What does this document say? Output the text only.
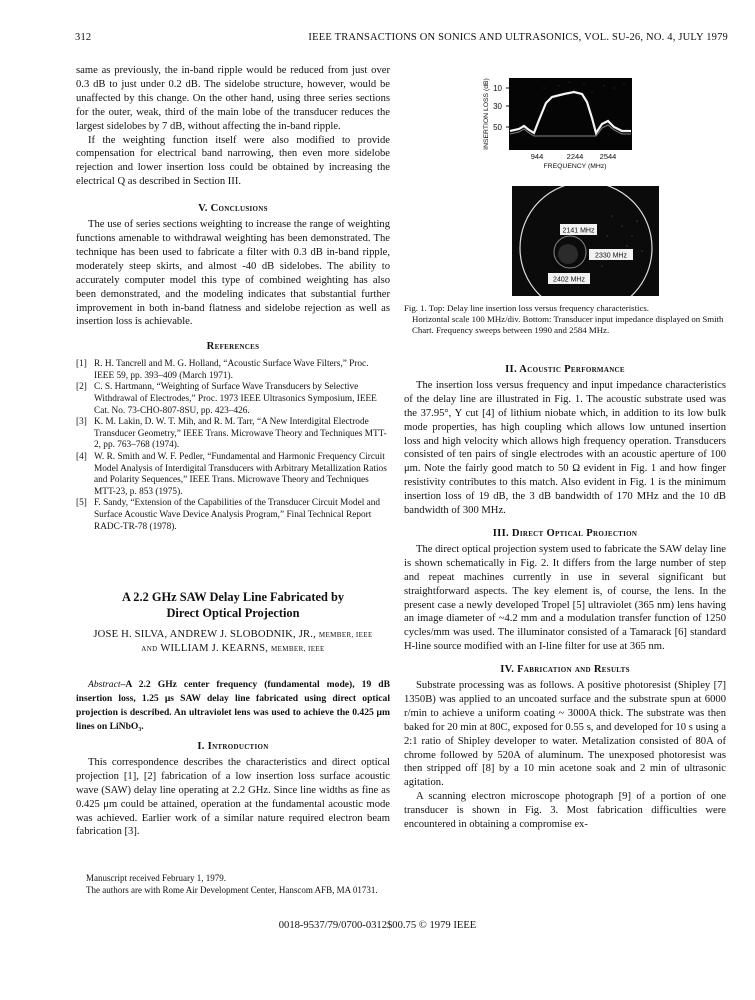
312	IEEE TRANSACTIONS ON SONICS AND ULTRASONICS, VOL. SU-26, NO. 4, JULY 1979

same as previously, the in-band ripple would be reduced from just over 0.3 dB to just under 0.2 dB. The sidelobe structure, however, would be unaffected by this change. On the other hand, using three series sections for the outer, weak, third of the main lobe of the transducer reduces the largest sidelobes by 7 dB, without affecting the in-band ripple.

If the weighting function itself were also modified to provide compensation for electrical band narrowing, then even more sidelobe rejection and lower insertion loss could be obtained by increasing the electrical Q as described in Section III.

V. Conclusions

The use of series sections weighting to increase the range of weighting functions amenable to withdrawal weighting has been demonstrated. The technique has been used to fabricate a filter with 0.3 dB in-band ripple, moderately steep skirts, and almost -40 dB sidelobes. The ability to accurately computer model this type of combined weighting has also been demonstrated, and the modeling indicates that substantial further improvement in both in-band flatness and sidelobe rejection as well as insertion loss is achievable.

References
[1] R. H. Tancrell and M. G. Holland, “Acoustic Surface Wave Filters,” Proc. IEEE 59, pp. 393–409 (March 1971).
[2] C. S. Hartmann, “Weighting of Surface Wave Transducers by Selective Withdrawal of Electrodes,” Proc. 1973 IEEE Ultrasonics Symposium, IEEE Cat. No. 73-CHO-807-8SU, pp. 423–426.
[3] K. M. Lakin, D. W. T. Mih, and R. M. Tarr, “A New Interdigital Electrode Transducer Geometry,” IEEE Trans. Microwave Theory and Techniques MTT-2, pp. 763–768 (1974).
[4] W. R. Smith and W. F. Pedler, “Fundamental and Harmonic Frequency Circuit Model Analysis of Interdigital Transducers with Arbitrary Metallization Ratios and Polarity Sequences,” IEEE Trans. Microwave Theory and Techniques MTT-23, p. 853 (1975).
[5] F. Sandy, “Extension of the Capabilities of the Transducer Circuit Model and Surface Acoustic Wave Device Analysis Program,” Final Technical Report RADC-TR-78 (1978).
A 2.2 GHz SAW Delay Line Fabricated by
Direct Optical Projection
JOSE H. SILVA, ANDREW J. SLOBODNIK, JR., MEMBER, IEEE
AND WILLIAM J. KEARNS, MEMBER, IEEE
Abstract–A 2.2 GHz center frequency (fundamental mode), 19 dB insertion loss, 1.25 μs SAW delay line fabricated using direct optical projection is described. An ultraviolet lens was used to achieve the 0.425 μm lines on LiNbO₃.
I. Introduction

This correspondence describes the characteristics and direct optical projection [1], [2] fabrication of a low insertion loss surface acoustic wave (SAW) delay line operating at 2.2 GHz. Since line widths as fine as 0.425 μm could be attained, operation at the fundamental acoustic mode was achieved. Earlier work of a similar nature required electron beam fabrication [3].

Manuscript received February 1, 1979.

The authors are with Rome Air Development Center, Hanscom AFB, MA 01731.

10
30
50
944	2244 2544
FREQUENCY (MHz)
INSERTION LOSS (dB)
2141 MHz
2330 MHz
2402 MHz
Fig. 1. Top: Delay line insertion loss versus frequency characteristics.
Horizontal scale 100 MHz/div. Bottom: Transducer input impedance displayed on Smith Chart. Frequency sweeps between 1990 and 2584 MHz.
II. Acoustic Performance

The insertion loss versus frequency and input impedance characteristics of the delay line are illustrated in Fig. 1. The acoustic substrate used was the 37.95°, Y cut [4] of lithium niobate which, in addition to its low bulk mode properties, has high coupling which allows low untuned insertion loss and high velocity which allows high frequency operation. Transducers consisted of ten pairs of single electrodes with an acoustic aperture of 100 μm. Note the fairly good match to 50 Ω evident in Fig. 1 and how finger resistivity contributes to this match. Also evident in Fig. 1 is the minimum insertion loss of 19 dB, the 3 dB bandwidth of 170 MHz and the 10 dB bandwidth of 300 MHz.

III. Direct Optical Projection

The direct optical projection system used to fabricate the SAW delay line is shown schematically in Fig. 2. It differs from the large number of step and repeat machines currently in use in several significant but straightforward aspects. The key element is, of course, the lens. In the present case a newly developed Tropel [5] ultraviolet (365 nm) lens having an image diameter of ~4.2 mm and a modulation transfer function of 1250 cycles/mm was used. The illuminator consisted of a Tamarack [6] standard H-line source modified with an I-line filter for use at 365 nm.

IV. Fabrication and Results

Substrate processing was as follows. A positive photoresist (Shipley [7] 1350B) was applied to an uncoated surface and the substrate spun at 6000 r/min to achieve a uniform coating ~ 3000A thick. The substrate was then baked for 20 min at 80C, exposed for 0.55 s, and developed for 10 s using a 2:1 ratio of Shipley developer to water. Metalization consisted of 80A of chrome followed by 520A of aluminum. The unexposed photoresist was then stripped off [8] by a 10 min acetone soak and 2 min of ultrasonic agitation.

A scanning electron microscope photograph [9] of a portion of one transducer is shown in Fig. 3. Most fabrication difficulties were encountered in obtaining a compromise ex-

0018-9537/79/0700-0312$00.75 © 1979 IEEE
